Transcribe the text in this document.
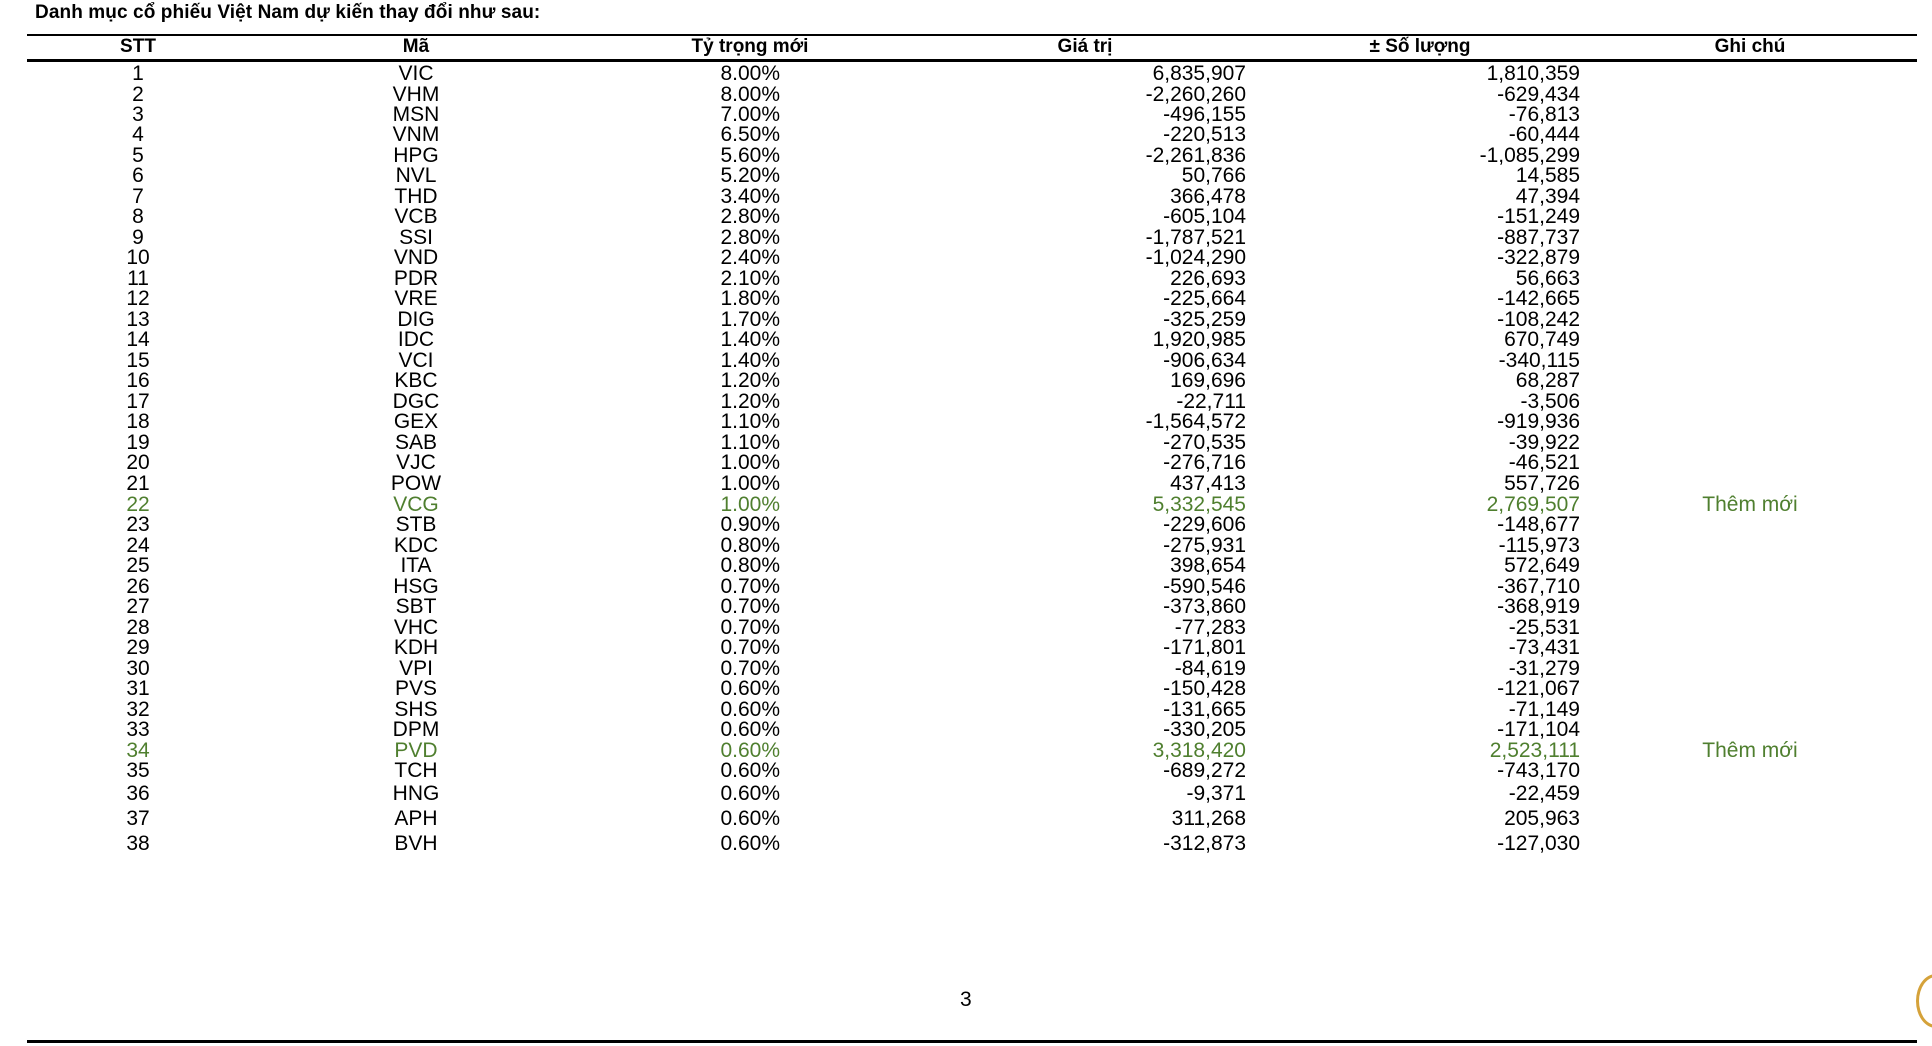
Danh mục cổ phiếu Việt Nam dự kiến thay đổi như sau:
STT	Mã	Tỷ trọng mới	Giá trị	± Số lượng	Ghi chú
1	VIC	8.00%	6,835,907	1,810,359
2	VHM	8.00%	-2,260,260	-629,434
3	MSN	7.00%	-496,155	-76,813
4	VNM	6.50%	-220,513	-60,444
5	HPG	5.60%	-2,261,836	-1,085,299
6	NVL	5.20%	50,766	14,585
7	THD	3.40%	366,478	47,394
8	VCB	2.80%	-605,104	-151,249
9	SSI	2.80%	-1,787,521	-887,737
10	VND	2.40%	-1,024,290	-322,879
11	PDR	2.10%	226,693	56,663
12	VRE	1.80%	-225,664	-142,665
13	DIG	1.70%	-325,259	-108,242
14	IDC	1.40%	1,920,985	670,749
15	VCI	1.40%	-906,634	-340,115
16	KBC	1.20%	169,696	68,287
17	DGC	1.20%	-22,711	-3,506
18	GEX	1.10%	-1,564,572	-919,936
19	SAB	1.10%	-270,535	-39,922
20	VJC	1.00%	-276,716	-46,521
21	POW	1.00%	437,413	557,726
22	VCG	1.00%	5,332,545	2,769,507	Thêm mới
23	STB	0.90%	-229,606	-148,677
24	KDC	0.80%	-275,931	-115,973
25	ITA	0.80%	398,654	572,649
26	HSG	0.70%	-590,546	-367,710
27	SBT	0.70%	-373,860	-368,919
28	VHC	0.70%	-77,283	-25,531
29	KDH	0.70%	-171,801	-73,431
30	VPI	0.70%	-84,619	-31,279
31	PVS	0.60%	-150,428	-121,067
32	SHS	0.60%	-131,665	-71,149
33	DPM	0.60%	-330,205	-171,104
34	PVD	0.60%	3,318,420	2,523,111	Thêm mới
35	TCH	0.60%	-689,272	-743,170
36	HNG	0.60%	-9,371	-22,459
37	APH	0.60%	311,268	205,963
38	BVH	0.60%	-312,873	-127,030
3
